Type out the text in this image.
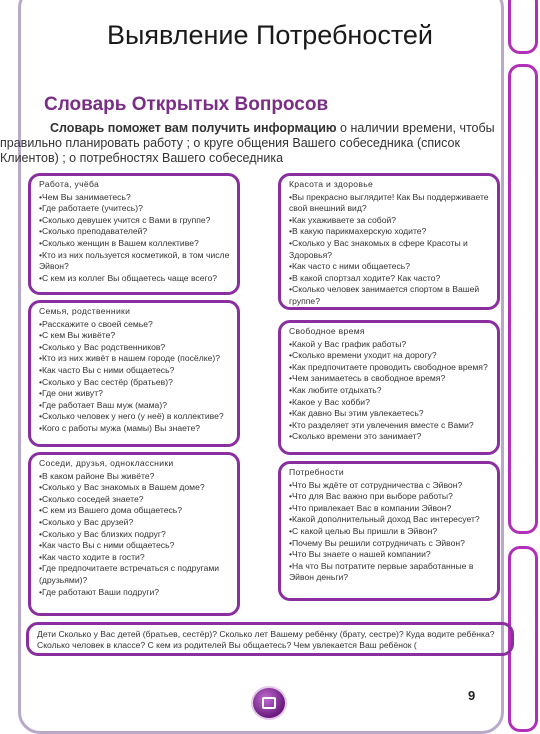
Выявление Потребностей
Словарь Открытых Вопросов
Словарь поможет вам получить информацию о наличии времени, чтобы правильно планировать работу ; о круге общения Вашего собеседника (список Клиентов) ; о потребностях Вашего собеседника
Работа, учёба
•Чем Вы занимаетесь?
•Где работаете (учитесь)?
•Сколько девушек учится с Вами в группе?
•Сколько преподавателей?
•Сколько женщин в Вашем коллективе?
•Кто из них пользуется косметикой, в том числе Эйвон?
•С кем из коллег Вы общаетесь чаще всего?
Семья, родственники
•Расскажите о своей семье?
•С кем Вы живёте?
•Сколько у Вас родственников?
•Кто из них живёт в нашем городе (посёлке)?
•Как часто Вы с ними общаетесь?
•Сколько у Вас сестёр (братьев)?
•Где они живут?
•Где работает Ваш муж (мама)?
•Сколько человек у него (у неё) в коллективе?
•Кого с работы мужа (мамы) Вы знаете?
Соседи, друзья, одноклассники
•В каком районе Вы живёте?
•Сколько у Вас знакомых в Вашем доме?
•Сколько соседей знаете?
•С кем из Вашего дома общаетесь?
•Сколько у Вас друзей?
•Сколько у Вас близких подруг?
•Как часто Вы с ними общаетесь?
•Как часто ходите в гости?
•Где предпочитаете встречаться с подругами (друзьями)?
•Где работают Ваши подруги?
Красота и здоровье
•Вы прекрасно выглядите! Как Вы поддерживаете свой внешний вид?
•Как ухаживаете за собой?
•В какую парикмахерскую ходите?
•Сколько у Вас знакомых в сфере Красоты и Здоровья?
•Как часто с ними общаетесь?
•В какой спортзал ходите? Как часто?
•Сколько человек занимается спортом в Вашей группе?
Свободное время
•Какой у Вас график работы?
•Сколько времени уходит на дорогу?
•Как предпочитаете проводить свободное время?
•Чем занимаетесь в свободное время?
•Как любите отдыхать?
•Какое у Вас хобби?
•Как давно Вы этим увлекаетесь?
•Кто разделяет эти увлечения вместе с Вами?
•Сколько времени это занимает?
Потребности
•Что Вы ждёте от сотрудничества с Эйвон?
•Что для Вас важно при выборе работы?
•Что привлекает Вас в компании Эйвон?
•Какой дополнительный доход Вас интересует?
•С какой целью Вы пришли в Эйвон?
•Почему Вы решили сотрудничать с Эйвон?
•Что Вы знаете о нашей компании?
•На что Вы потратите первые заработанные в Эйвон деньги?
Дети Сколько у Вас детей (братьев, сестёр)? Сколько лет Вашему ребёнку (брату, сестре)? Куда водите ребёнка? Сколько человек в классе? С кем из родителей Вы общаетесь? Чем увлекается Ваш ребёнок (
9
